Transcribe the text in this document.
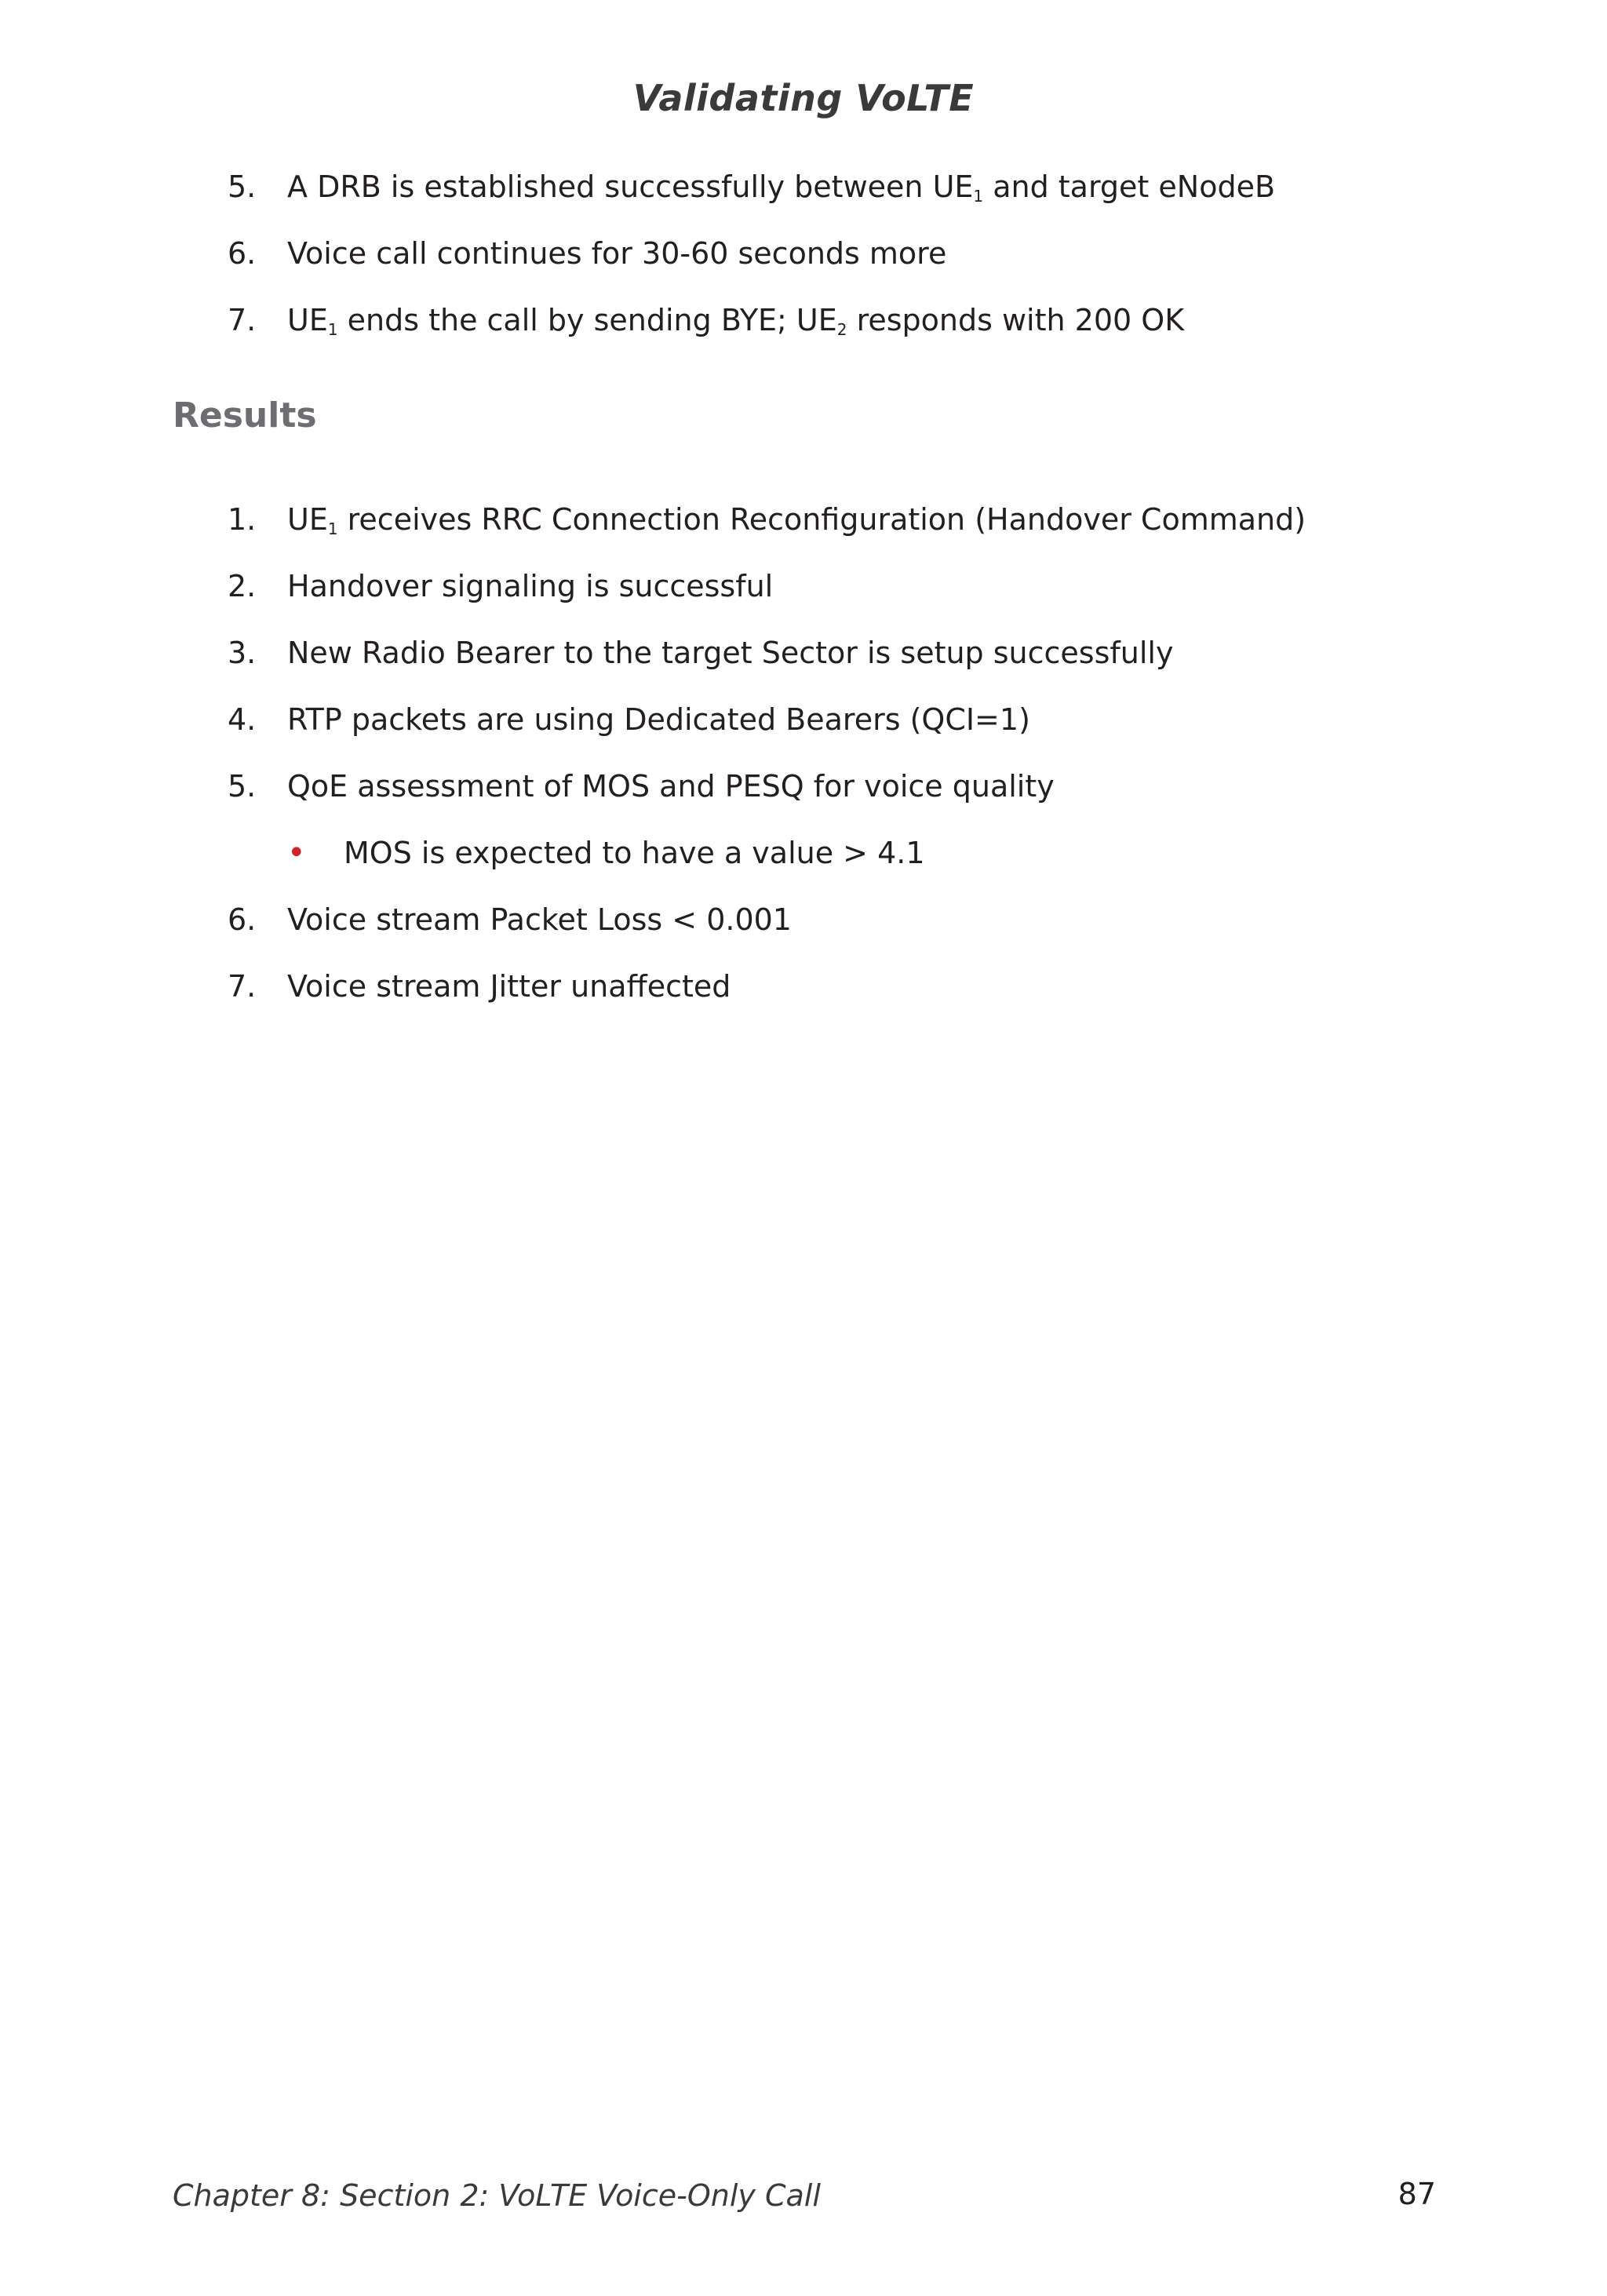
Validating VoLTE
5.	A DRB is established successfully between $UE_1$ and target eNodeB
6.	Voice call continues for 30-60 seconds more
7.	$UE_1$ ends the call by sending BYE; $UE_2$ responds with 200 OK
Results
1.	$UE_1$ receives RRC Connection Reconfiguration (Handover Command)
2.	Handover signaling is successful
3.	New Radio Bearer to the target Sector is setup successfully
4.	RTP packets are using Dedicated Bearers (QCI=1)
5.	QoE assessment of MOS and PESQ for voice quality
• MOS is expected to have a value > 4.1
6.	Voice stream Packet Loss < 0.001
7.	Voice stream Jitter unaffected
Chapter 8: Section 2: VoLTE Voice-Only Call	87
